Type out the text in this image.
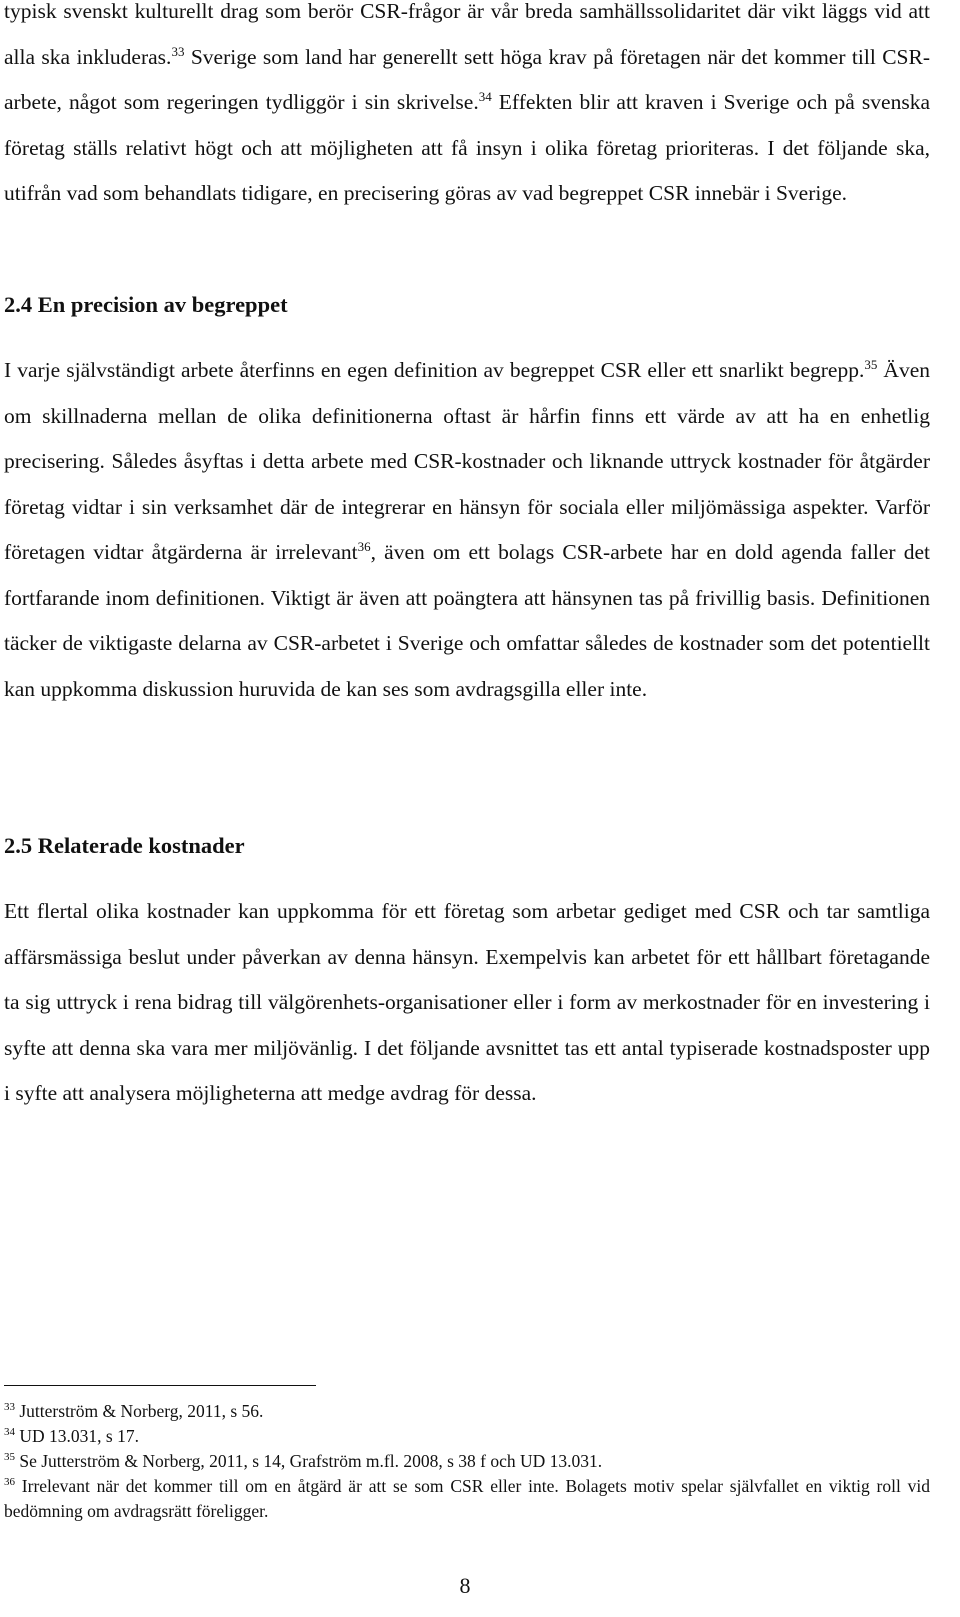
typisk svenskt kulturellt drag som berör CSR-frågor är vår breda samhällssolidaritet där vikt läggs vid att alla ska inkluderas.$^{33}$ Sverige som land har generellt sett höga krav på företagen när det kommer till CSR-arbete, något som regeringen tydliggör i sin skrivelse.$^{34}$ Effekten blir att kraven i Sverige och på svenska företag ställs relativt högt och att möjligheten att få insyn i olika företag prioriteras. I det följande ska, utifrån vad som behandlats tidigare, en precisering göras av vad begreppet CSR innebär i Sverige.

2.4 En precision av begreppet

I varje självständigt arbete återfinns en egen definition av begreppet CSR eller ett snarlikt begrepp.$^{35}$ Även om skillnaderna mellan de olika definitionerna oftast är hårfin finns ett värde av att ha en enhetlig precisering. Således åsyftas i detta arbete med CSR-kostnader och liknande uttryck kostnader för åtgärder företag vidtar i sin verksamhet där de integrerar en hänsyn för sociala eller miljömässiga aspekter. Varför företagen vidtar åtgärderna är irrelevant$^{36}$, även om ett bolags CSR-arbete har en dold agenda faller det fortfarande inom definitionen. Viktigt är även att poängtera att hänsynen tas på frivillig basis. Definitionen täcker de viktigaste delarna av CSR-arbetet i Sverige och omfattar således de kostnader som det potentiellt kan uppkomma diskussion huruvida de kan ses som avdragsgilla eller inte.

2.5 Relaterade kostnader

Ett flertal olika kostnader kan uppkomma för ett företag som arbetar gediget med CSR och tar samtliga affärsmässiga beslut under påverkan av denna hänsyn. Exempelvis kan arbetet för ett hållbart företagande ta sig uttryck i rena bidrag till välgörenhets-organisationer eller i form av merkostnader för en investering i syfte att denna ska vara mer miljövänlig. I det följande avsnittet tas ett antal typiserade kostnadsposter upp i syfte att analysera möjligheterna att medge avdrag för dessa.

$^{33}$ Jutterström & Norberg, 2011, s 56.

$^{34}$ UD 13.031, s 17.

$^{35}$ Se Jutterström & Norberg, 2011, s 14, Grafström m.fl. 2008, s 38 f och UD 13.031.

$^{36}$ Irrelevant när det kommer till om en åtgärd är att se som CSR eller inte. Bolagets motiv spelar självfallet en viktig roll vid bedömning om avdragsrätt föreligger.

8
